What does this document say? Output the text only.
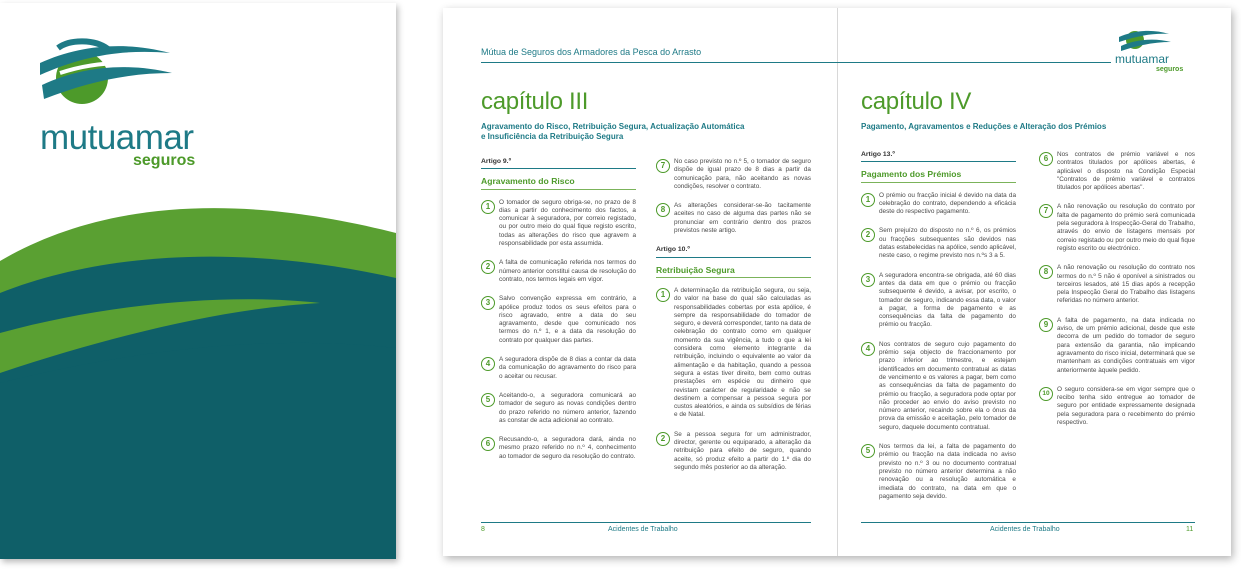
mutuamar
seguros
Mútua de Seguros dos Armadores da Pesca do Arrasto	mutuamar
seguros
capítulo III
Agravamento do Risco, Retribuição Segura, Actualização Automática
e Insuficiência da Retribuição Segura
Artigo 9.º
Agravamento do Risco
1	O tomador de seguro obriga-se, no prazo de 8 dias a partir do conhecimento dos factos, a comunicar à seguradora, por correio registado, ou por outro meio do qual fique registo escrito, todas as alterações do risco que agravem a responsabilidade por esta assumida.
2	A falta de comunicação referida nos termos do número anterior constitui causa de resolução do contrato, nos termos legais em vigor.
3	Salvo convenção expressa em contrário, a apólice produz todos os seus efeitos para o risco agravado, entre a data do seu agravamento, desde que comunicado nos termos do n.º 1, e a data da resolução do contrato por qualquer das partes.
4	A seguradora dispõe de 8 dias a contar da data da comunicação do agravamento do risco para o aceitar ou recusar.
5	Aceitando-o, a seguradora comunicará ao tomador de seguro as novas condições dentro do prazo referido no número anterior, fazendo as constar de acta adicional ao contrato.
6	Recusando-o, a seguradora dará, ainda no mesmo prazo referido no n.º 4, conhecimento ao tomador de seguro da resolução do contrato.
7	No caso previsto no n.º 5, o tomador de seguro dispõe de igual prazo de 8 dias a partir da comunicação para, não aceitando as novas condições, resolver o contrato.
8	As alterações considerar-se-ão tacitamente aceites no caso de alguma das partes não se pronunciar em contrário dentro dos prazos previstos neste artigo.
Artigo 10.º
Retribuição Segura
1	A determinação da retribuição segura, ou seja, do valor na base do qual são calculadas as responsabilidades cobertas por esta apólice, é sempre da responsabilidade do tomador de seguro, e deverá corresponder, tanto na data de celebração do contrato como em qualquer momento da sua vigência, a tudo o que a lei considera como elemento integrante da retribuição, incluindo o equivalente ao valor da alimentação e da habitação, quando a pessoa segura a estas tiver direito, bem como outras prestações em espécie ou dinheiro que revistam carácter de regularidade e não se destinem a compensar a pessoa segura por custos aleatórios, e ainda os subsídios de férias e de Natal.
2	Se a pessoa segura for um administrador, director, gerente ou equiparado, a alteração da retribuição para efeito de seguro, quando aceite, só produz efeito a partir do 1.º dia do segundo mês posterior ao da alteração.
8	Acidentes de Trabalho
capítulo IV
Pagamento, Agravamentos e Reduções e Alteração dos Prémios
Artigo 13.º
Pagamento dos Prémios
1	O prémio ou fracção inicial é devido na data da celebração do contrato, dependendo a eficácia deste do respectivo pagamento.
2	Sem prejuízo do disposto no n.º 6, os prémios ou fracções subsequentes são devidos nas datas estabelecidas na apólice, sendo aplicável, neste caso, o regime previsto nos n.ºs 3 a 5.
3	A seguradora encontra-se obrigada, até 60 dias antes da data em que o prémio ou fracção subsequente é devido, a avisar, por escrito, o tomador de seguro, indicando essa data, o valor a pagar, a forma de pagamento e as consequências da falta de pagamento do prémio ou fracção.
4	Nos contratos de seguro cujo pagamento do prémio seja objecto de fraccionamento por prazo inferior ao trimestre, e estejam identificados em documento contratual as datas de vencimento e os valores a pagar, bem como as consequências da falta de pagamento do prémio ou fracção, a seguradora pode optar por não proceder ao envio do aviso previsto no número anterior, recaindo sobre ela o ónus da prova da emissão e aceitação, pelo tomador de seguro, daquele documento contratual.
5	Nos termos da lei, a falta de pagamento do prémio ou fracção na data indicada no aviso previsto no n.º 3 ou no documento contratual previsto no número anterior determina a não renovação ou a resolução automática e imediata do contrato, na data em que o pagamento seja devido.
6	Nos contratos de prémio variável e nos contratos titulados por apólices abertas, é aplicável o disposto na Condição Especial "Contratos de prémio variável e contratos titulados por apólices abertas".
7	A não renovação ou resolução do contrato por falta de pagamento do prémio será comunicada pela seguradora à Inspecção-Geral do Trabalho, através do envio de listagens mensais por correio registado ou por outro meio do qual fique registo escrito ou electrónico.
8	A não renovação ou resolução do contrato nos termos do n.º 5 não é oponível a sinistrados ou terceiros lesados, até 15 dias após a recepção pela Inspecção Geral do Trabalho das listagens referidas no número anterior.
9	A falta de pagamento, na data indicada no aviso, de um prémio adicional, desde que este decorra de um pedido do tomador de seguro para extensão da garantia, não implicando agravamento do risco inicial, determinará que se mantenham as condições contratuais em vigor anteriormente àquele pedido.
10
O seguro considera-se em vigor sempre que o recibo tenha sido entregue ao tomador de seguro por entidade expressamente designada pela seguradora para o recebimento do prémio respectivo.
Acidentes de Trabalho	11
